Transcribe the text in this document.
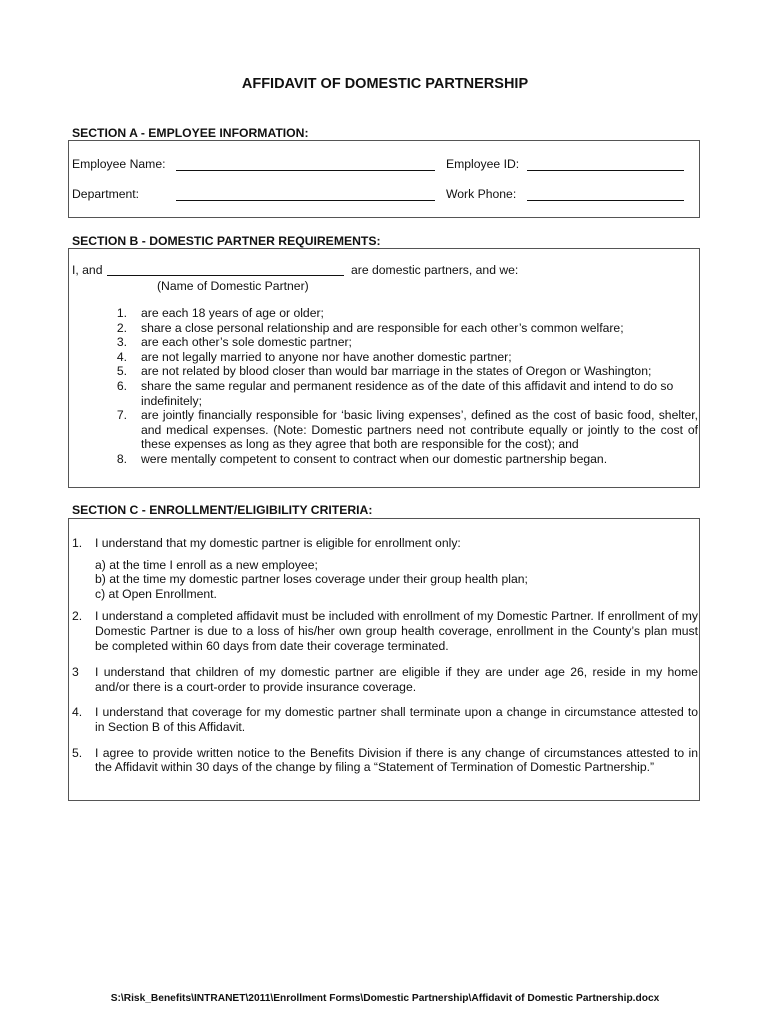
AFFIDAVIT OF DOMESTIC PARTNERSHIP
SECTION A - EMPLOYEE INFORMATION:
Employee Name:	Employee ID:
Department:	Work Phone:
SECTION B - DOMESTIC PARTNER REQUIREMENTS:
I, and	are domestic partners, and we:
(Name of Domestic Partner)
1.	are each 18 years of age or older;
2.	share a close personal relationship and are responsible for each other’s common welfare;
3.	are each other’s sole domestic partner;
4.	are not legally married to anyone nor have another domestic partner;
5.	are not related by blood closer than would bar marriage in the states of Oregon or Washington;
6.	share the same regular and permanent residence as of the date of this affidavit and intend to do so indefinitely;
7.	are jointly financially responsible for ‘basic living expenses’, defined as the cost of basic food, shelter, and medical expenses. (Note: Domestic partners need not contribute equally or jointly to the cost of these expenses as long as they agree that both are responsible for the cost); and
8.	were mentally competent to consent to contract when our domestic partnership began.
SECTION C - ENROLLMENT/ELIGIBILITY CRITERIA:
1.	I understand that my domestic partner is eligible for enrollment only:
a) at the time I enroll as a new employee;
b) at the time my domestic partner loses coverage under their group health plan;
c) at Open Enrollment.
2.	I understand a completed affidavit must be included with enrollment of my Domestic Partner. If enrollment of my Domestic Partner is due to a loss of his/her own group health coverage, enrollment in the County’s plan must be completed within 60 days from date their coverage terminated.
3	I understand that children of my domestic partner are eligible if they are under age 26, reside in my home and/or there is a court-order to provide insurance coverage.
4.	I understand that coverage for my domestic partner shall terminate upon a change in circumstance attested to in Section B of this Affidavit.
5.	I agree to provide written notice to the Benefits Division if there is any change of circumstances attested to in the Affidavit within 30 days of the change by filing a “Statement of Termination of Domestic Partnership.”
S:\Risk_Benefits\INTRANET\2011\Enrollment Forms\Domestic Partnership\Affidavit of Domestic Partnership.docx
